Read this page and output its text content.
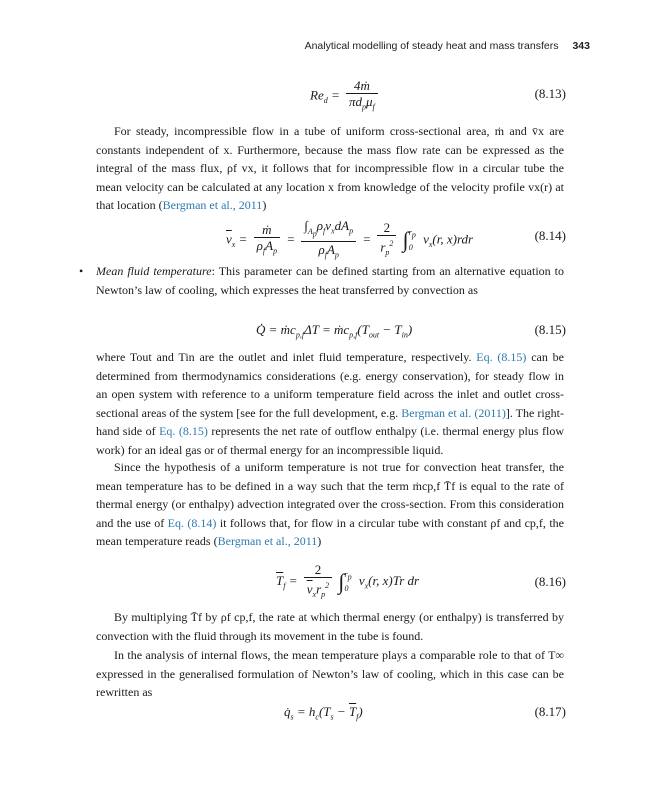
Analytical modelling of steady heat and mass transfers 343
$Re_d = \frac{\text{4ṁ}}{\pi d_p\mu_f}$	(8.13)
For steady, incompressible flow in a tube of uniform cross-sectional area, ṁ and v̄x are constants independent of x. Furthermore, because the mass flow rate can be expressed as the integral of the mass flux, ρf vx, it follows that for incompressible flow in a circular tube the mean velocity can be calculated at any location x from knowledge of the velocity profile vx(r) at that location (Bergman et al., 2011)
$\overline{v}_x = \frac{\text{ṁ}}{\rho_fA_p} = \frac{\int_{A_p}\rho_fv_xdA_p}{\rho_fA_p} = \frac{2}{r_p^2} \int r_p$
0 $v_x(r$, x)rdr	(8.14)
• Mean fluid temperature: This parameter can be defined starting from an alternative equation to Newton’s law of cooling, which expresses the heat transferred by convection as
Q̇ = ṁc$_{p,f}$ΔT = $ṁc_{p,f}(T_{out} - T_{in})$	(8.15)
where Tout and Tin are the outlet and inlet fluid temperature, respectively. Eq. (8.15) can be determined from thermodynamics considerations (e.g. energy conservation), for steady flow in an open system with reference to a uniform temperature field across the inlet and outlet cross-sectional areas of the system [see for the full development, e.g. Bergman et al. (2011)]. The right-hand side of Eq. (8.15) represents the net rate of outflow enthalpy (i.e. thermal energy plus flow work) for an ideal gas or of thermal energy for an incompressible liquid.
Since the hypothesis of a uniform temperature is not true for convection heat transfer, the mean temperature has to be defined in a way such that the term ṁcp,f T̄f is equal to the rate of thermal energy (or enthalpy) advection integrated over the cross-section. From this consideration and the use of Eq. (8.14) it follows that, for flow in a circular tube with constant ρf and cp,f, the mean temperature reads (Bergman et al., 2011)
$\overline{T}_f = \frac{2}{\overline{v}_xr_p^2} \int r_p$
0 $v_x(r$, x)Tr dr	(8.16)
By multiplying T̄f by ρf cp,f, the rate at which thermal energy (or enthalpy) is transferred by convection with the fluid through its movement in the tube is found.
In the analysis of internal flows, the mean temperature plays a comparable role to that of T∞ expressed in the generalised formulation of Newton’s law of cooling, which in this case can be rewritten as
$q̇_s = h_c(T_s - \overline{T}_f)$	(8.17)
